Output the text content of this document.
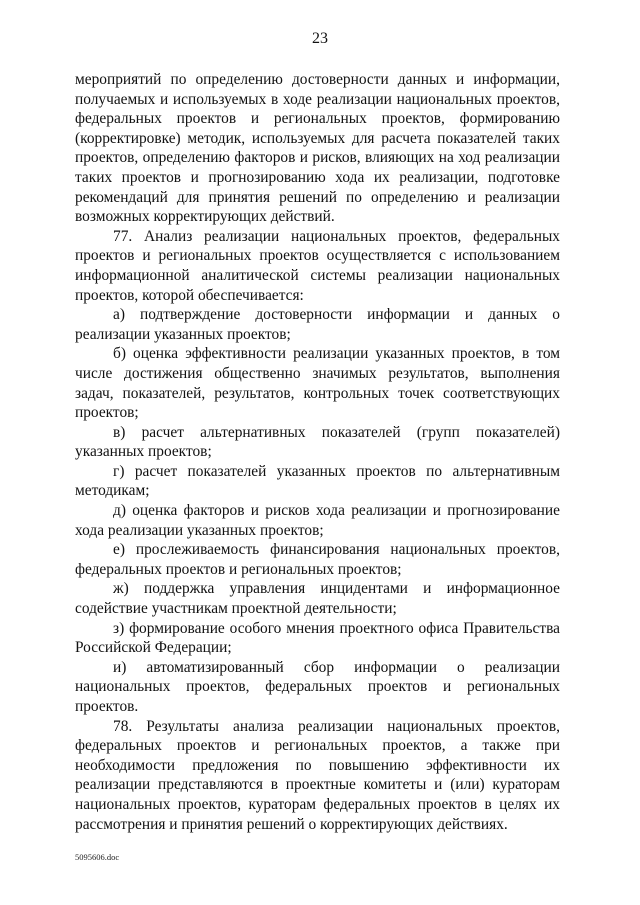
23

мероприятий по определению достоверности данных и информации, получаемых и используемых в ходе реализации национальных проектов, федеральных проектов и региональных проектов, формированию (корректировке) методик, используемых для расчета показателей таких проектов, определению факторов и рисков, влияющих на ход реализации таких проектов и прогнозированию хода их реализации, подготовке рекомендаций для принятия решений по определению и реализации возможных корректирующих действий.

77. Анализ реализации национальных проектов, федеральных проектов и региональных проектов осуществляется с использованием информационной аналитической системы реализации национальных проектов, которой обеспечивается:

а) подтверждение достоверности информации и данных о реализации указанных проектов;

б) оценка эффективности реализации указанных проектов, в том числе достижения общественно значимых результатов, выполнения задач, показателей, результатов, контрольных точек соответствующих проектов;

в) расчет альтернативных показателей (групп показателей) указанных проектов;

г) расчет показателей указанных проектов по альтернативным методикам;

д) оценка факторов и рисков хода реализации и прогнозирование хода реализации указанных проектов;

е) прослеживаемость финансирования национальных проектов, федеральных проектов и региональных проектов;

ж) поддержка управления инцидентами и информационное содействие участникам проектной деятельности;

з) формирование особого мнения проектного офиса Правительства Российской Федерации;

и) автоматизированный сбор информации о реализации национальных проектов, федеральных проектов и региональных проектов.

78. Результаты анализа реализации национальных проектов, федеральных проектов и региональных проектов, а также при необходимости предложения по повышению эффективности их реализации представляются в проектные комитеты и (или) кураторам национальных проектов, кураторам федеральных проектов в целях их рассмотрения и принятия решений о корректирующих действиях.

5095606.doc
